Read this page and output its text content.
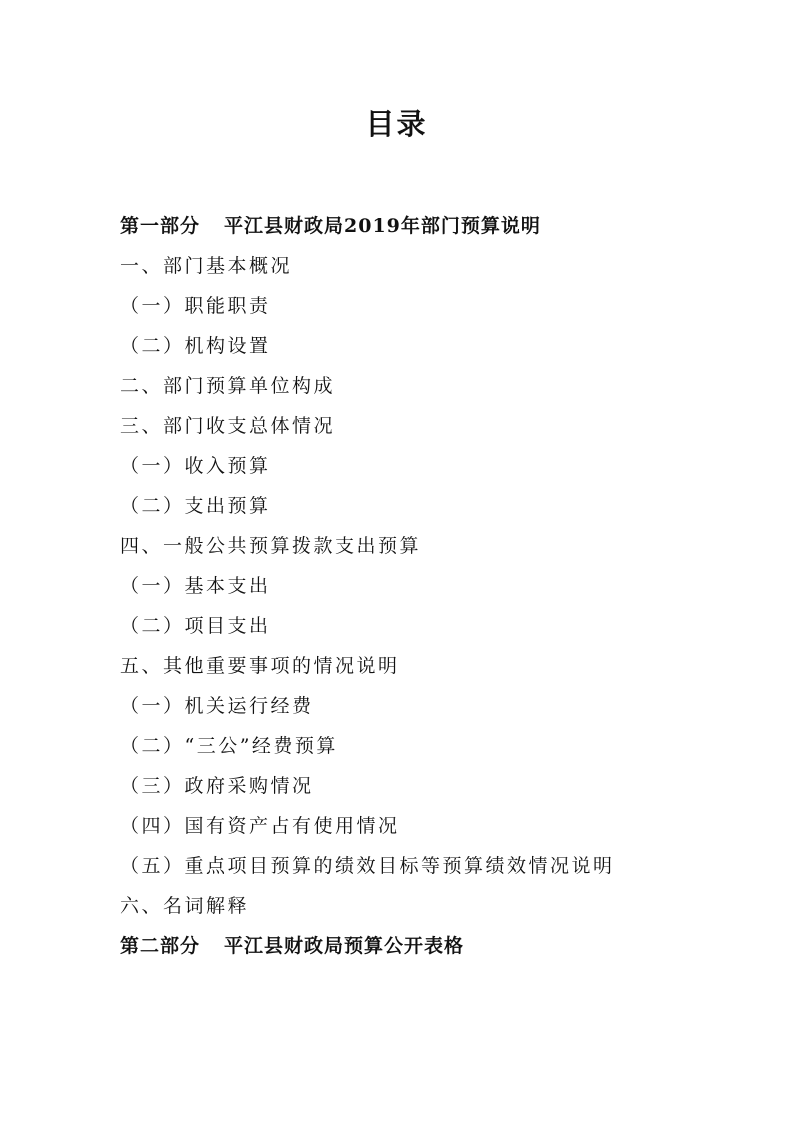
目录
第一部分 平江县财政局2019年部门预算说明
一、部门基本概况
（一）职能职责
（二）机构设置
二、部门预算单位构成
三、部门收支总体情况
（一）收入预算
（二）支出预算
四、一般公共预算拨款支出预算
（一）基本支出
（二）项目支出
五、其他重要事项的情况说明
（一）机关运行经费
（二）“三公”经费预算
（三）政府采购情况
（四）国有资产占有使用情况
（五）重点项目预算的绩效目标等预算绩效情况说明
六、名词解释
第二部分 平江县财政局预算公开表格
